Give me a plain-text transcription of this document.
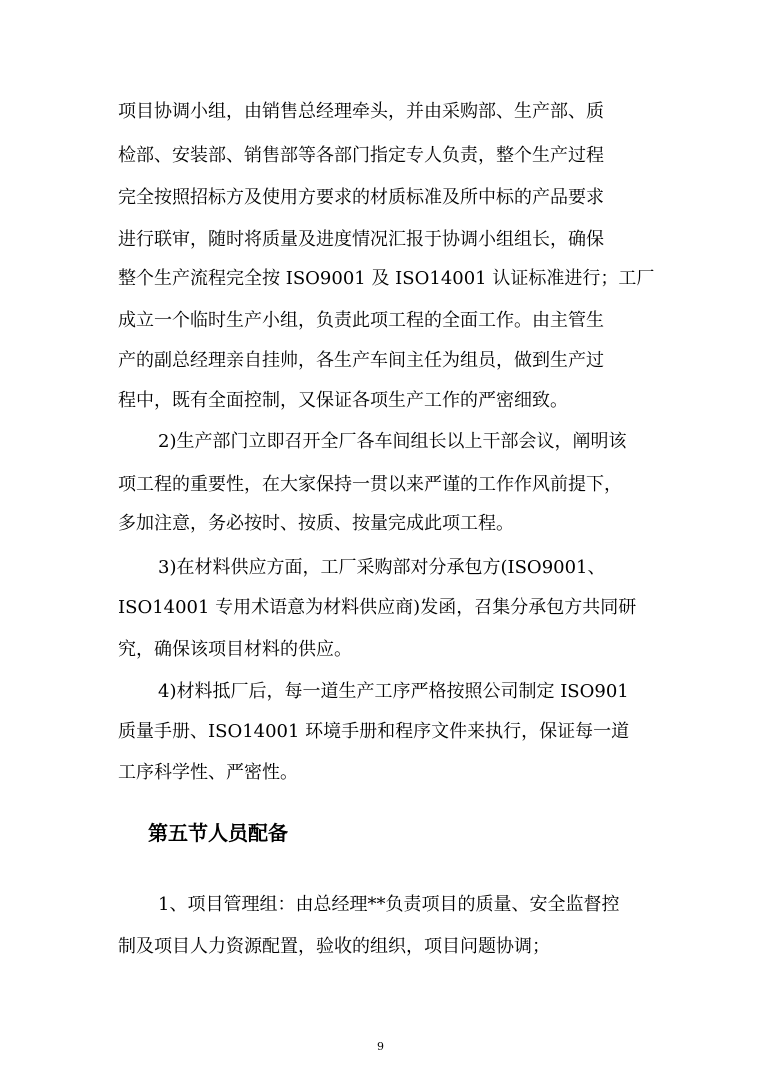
项目协调小组，由销售总经理牵头，并由采购部、生产部、质
检部、安装部、销售部等各部门指定专人负责，整个生产过程
完全按照招标方及使用方要求的材质标准及所中标的产品要求
进行联审，随时将质量及进度情况汇报于协调小组组长，确保
整个生产流程完全按 ISO9001 及 ISO14001 认证标准进行；工厂
成立一个临时生产小组，负责此项工程的全面工作。由主管生
产的副总经理亲自挂帅，各生产车间主任为组员，做到生产过
程中，既有全面控制，又保证各项生产工作的严密细致。
2)生产部门立即召开全厂各车间组长以上干部会议，阐明该
项工程的重要性，在大家保持一贯以来严谨的工作作风前提下，
多加注意，务必按时、按质、按量完成此项工程。
3)在材料供应方面，工厂采购部对分承包方(ISO9001、
ISO14001 专用术语意为材料供应商)发函，召集分承包方共同研
究，确保该项目材料的供应。
4)材料抵厂后，每一道生产工序严格按照公司制定 ISO901
质量手册、ISO14001 环境手册和程序文件来执行，保证每一道
工序科学性、严密性。
第五节人员配备
1、项目管理组：由总经理**负责项目的质量、安全监督控
制及项目人力资源配置，验收的组织，项目问题协调；
9
